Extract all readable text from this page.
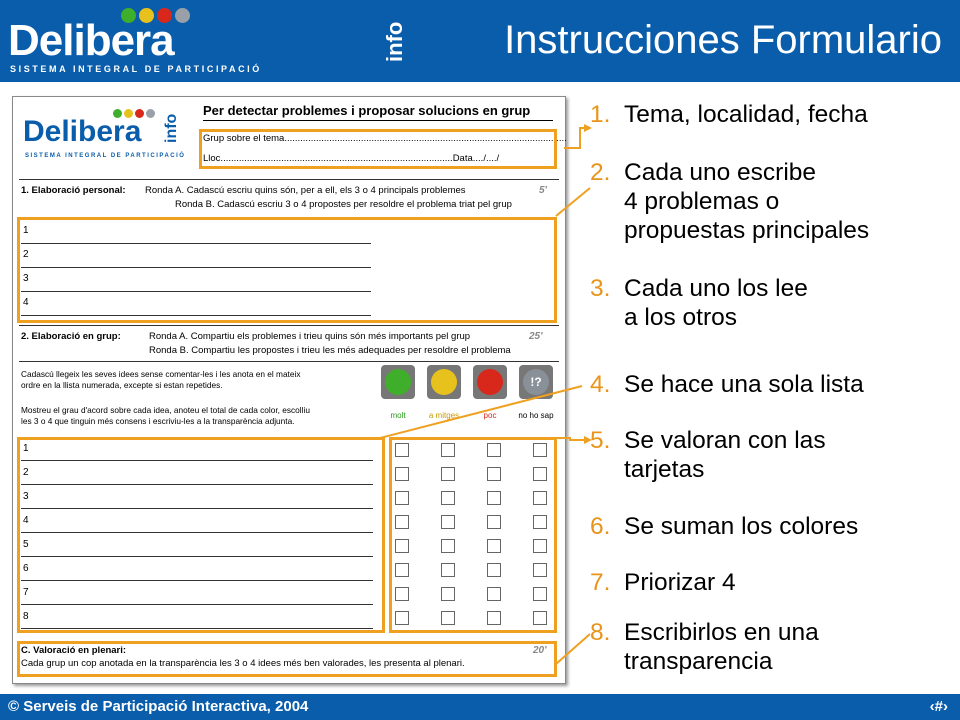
Delibera	info
SISTEMA INTEGRAL DE PARTICIPACIÓ
Instrucciones Formulario
Delibera info
SISTEMA INTEGRAL DE PARTICIPACIÓ
Per detectar problemes i proposar solucions en grup
Grup sobre el tema...........................................................................................................
Lloc........................................................................................Data..../..../
1. Elaboració personal: Ronda A. Cadascú escriu quins són, per a ell, els 3 o 4 principals problemes	5'
Ronda B. Cadascú escriu 3 o 4 propostes per resoldre el problema triat pel grup
1
2
3
4
2. Elaboració en grup:	Ronda A. Compartiu els problemes i trieu quins són més importants pel grup	25'
Ronda B. Compartiu les propostes i trieu les més adequades per resoldre el problema
Cadascú llegeix les seves idees sense comentar-les i les anota en el mateix
ordre en la llista numerada, excepte si estan repetides.
Mostreu el grau d'acord sobre cada idea, anoteu el total de cada color, escolliu
les 3 o 4 que tinguin més consens i escriviu-les a la transparència adjunta.
molt	a mitges	poc
!?
no ho sap
1
2
3
4
5
6
7
8
C. Valoració en plenari:	20'
Cada grup un cop anotada en la transparència les 3 o 4 idees més ben valorades, les presenta al plenari.
1. Tema, localidad, fecha
2. Cada uno escribe
4 problemas o
propuestas principales
3. Cada uno los lee
a los otros
4. Se hace una sola lista
5. Se valoran con las
tarjetas
6. Se suman los colores
7. Priorizar 4
8. Escribirlos en una
transparencia
© Serveis de Participació Interactiva, 2004	‹#›
